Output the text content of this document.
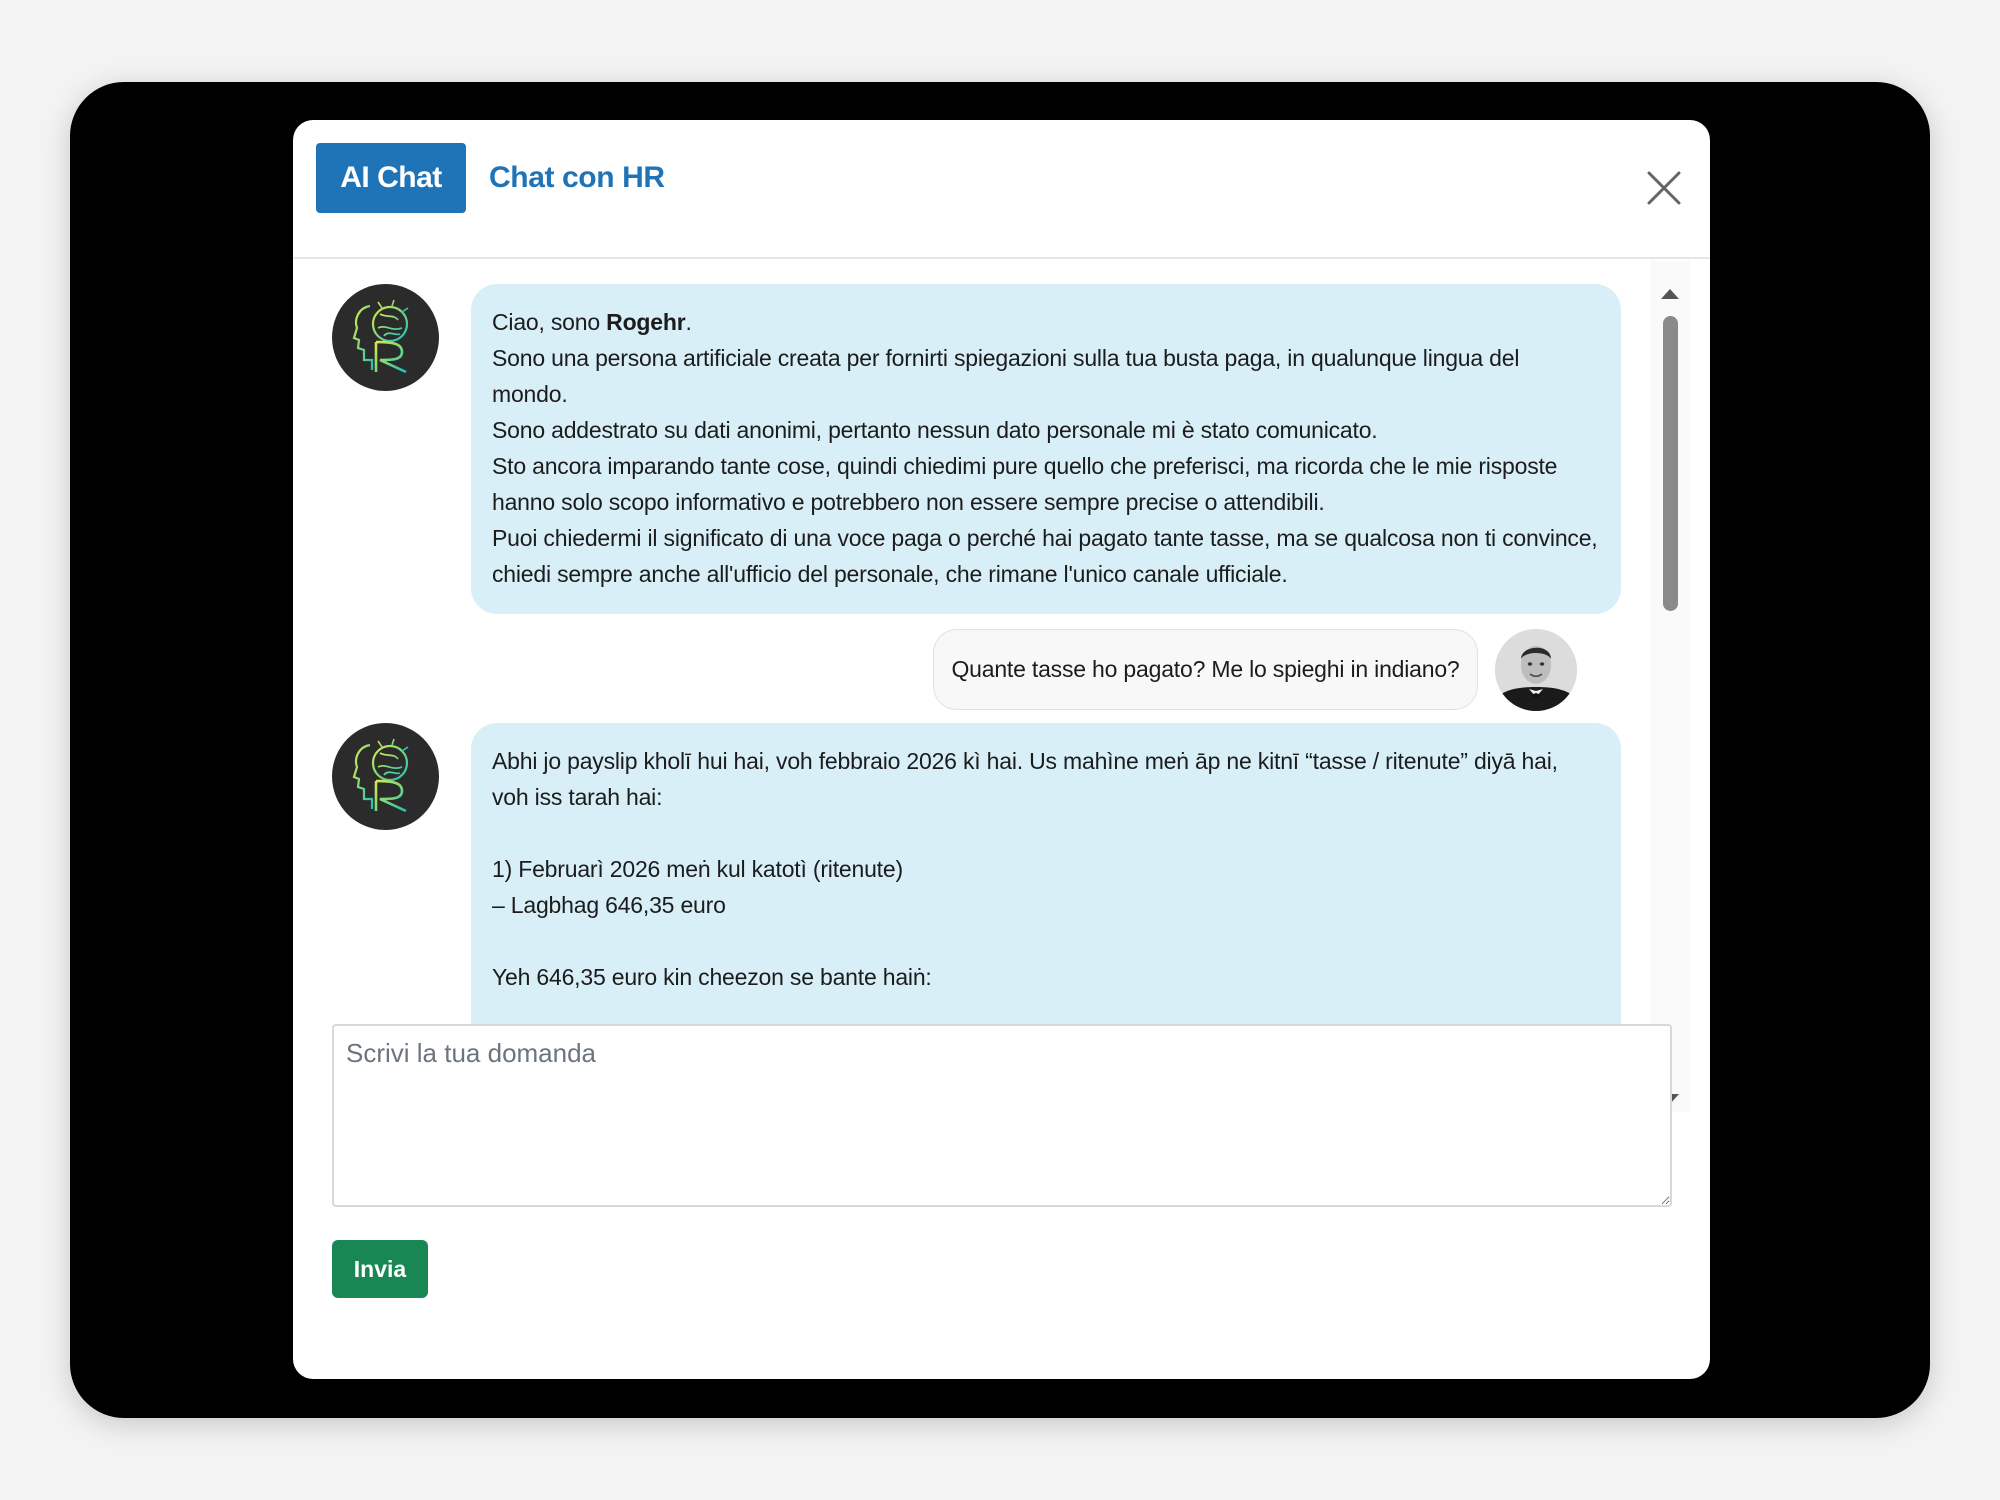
AI Chat	Chat con HR

Ciao, sono Rogehr.

Sono una persona artificiale creata per fornirti spiegazioni sulla tua busta paga, in qualunque lingua del mondo.

Sono addestrato su dati anonimi, pertanto nessun dato personale mi è stato comunicato.

Sto ancora imparando tante cose, quindi chiedimi pure quello che preferisci, ma ricorda che le mie risposte hanno solo scopo informativo e potrebbero non essere sempre precise o attendibili.

Puoi chiedermi il significato di una voce paga o perché hai pagato tante tasse, ma se qualcosa non ti convince, chiedi sempre anche all'ufficio del personale, che rimane l'unico canale ufficiale.

Quante tasse ho pagato? Me lo spieghi in indiano?

Abhi jo payslip kholī hui hai, voh febbraio 2026 kì hai. Us mahìne meṅ āp ne kitnī “tasse / ritenute” diyā hai, voh iss tarah hai:

1) Februarì 2026 meṅ kul katotì (ritenute)

– Lagbhag 646,35 euro

Yeh 646,35 euro kin cheezon se bante haiṅ:

Scrivi la tua domanda
Invia
